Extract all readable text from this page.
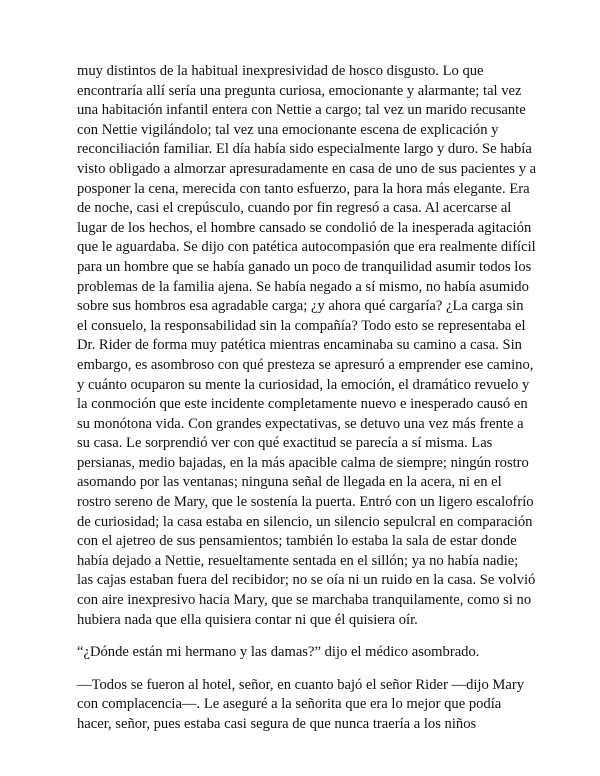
muy distintos de la habitual inexpresividad de hosco disgusto. Lo que encontraría allí sería una pregunta curiosa, emocionante y alarmante; tal vez una habitación infantil entera con Nettie a cargo; tal vez un marido recusante con Nettie vigilándolo; tal vez una emocionante escena de explicación y reconciliación familiar. El día había sido especialmente largo y duro. Se había visto obligado a almorzar apresuradamente en casa de uno de sus pacientes y a posponer la cena, merecida con tanto esfuerzo, para la hora más elegante. Era de noche, casi el crepúsculo, cuando por fin regresó a casa. Al acercarse al lugar de los hechos, el hombre cansado se condolió de la inesperada agitación que le aguardaba. Se dijo con patética autocompasión que era realmente difícil para un hombre que se había ganado un poco de tranquilidad asumir todos los problemas de la familia ajena. Se había negado a sí mismo, no había asumido sobre sus hombros esa agradable carga; ¿y ahora qué cargaría? ¿La carga sin el consuelo, la responsabilidad sin la compañía? Todo esto se representaba el Dr. Rider de forma muy patética mientras encaminaba su camino a casa. Sin embargo, es asombroso con qué presteza se apresuró a emprender ese camino, y cuánto ocuparon su mente la curiosidad, la emoción, el dramático revuelo y la conmoción que este incidente completamente nuevo e inesperado causó en su monótona vida. Con grandes expectativas, se detuvo una vez más frente a su casa. Le sorprendió ver con qué exactitud se parecía a sí misma. Las persianas, medio bajadas, en la más apacible calma de siempre; ningún rostro asomando por las ventanas; ninguna señal de llegada en la acera, ni en el rostro sereno de Mary, que le sostenía la puerta. Entró con un ligero escalofrío de curiosidad; la casa estaba en silencio, un silencio sepulcral en comparación con el ajetreo de sus pensamientos; también lo estaba la sala de estar donde había dejado a Nettie, resueltamente sentada en el sillón; ya no había nadie; las cajas estaban fuera del recibidor; no se oía ni un ruido en la casa. Se volvió con aire inexpresivo hacia Mary, que se marchaba tranquilamente, como si no hubiera nada que ella quisiera contar ni que él quisiera oír.

“¿Dónde están mi hermano y las damas?” dijo el médico asombrado.

—Todos se fueron al hotel, señor, en cuanto bajó el señor Rider —dijo Mary con complacencia—. Le aseguré a la señorita que era lo mejor que podía hacer, señor, pues estaba casi segura de que nunca traería a los niños
